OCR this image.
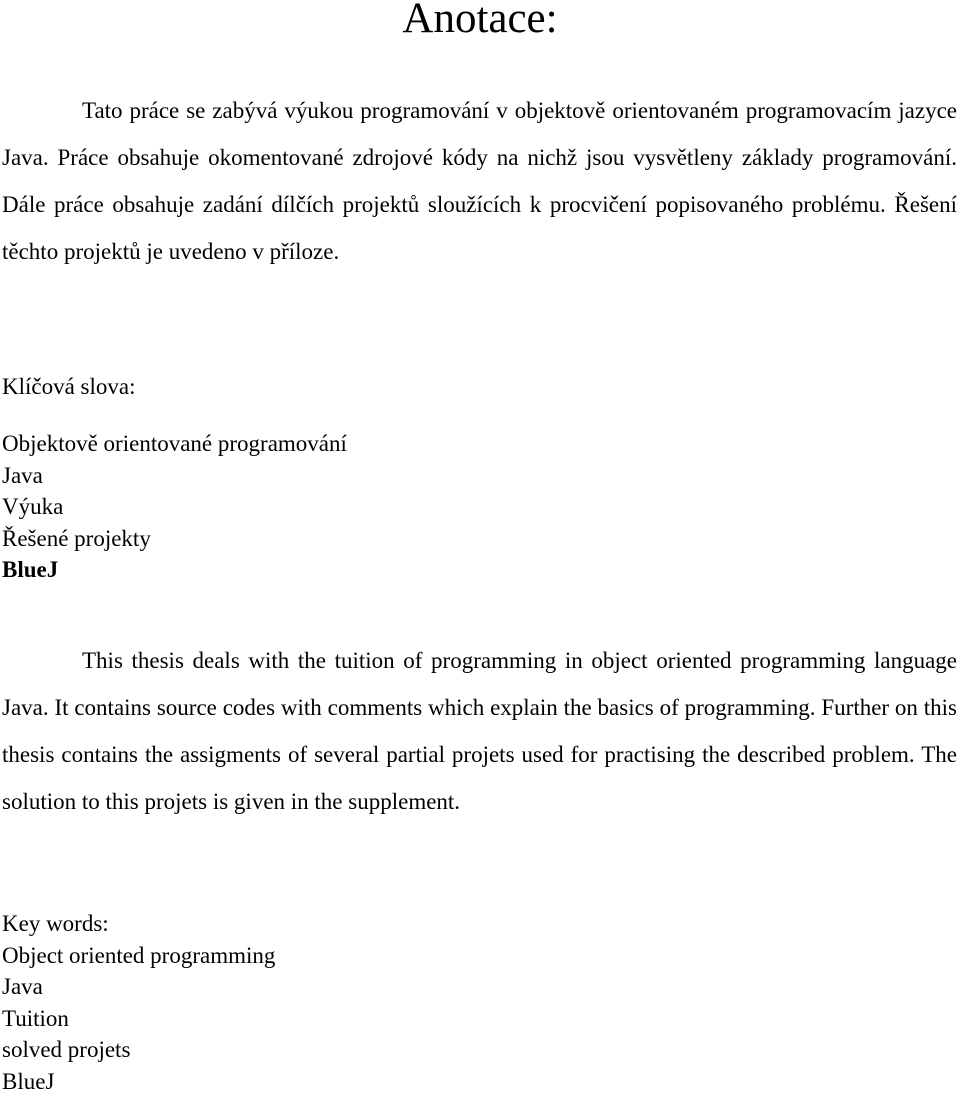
Anotace:
Tato práce se zabývá výukou programování v objektově orientovaném programovacím jazyce Java. Práce obsahuje okomentované zdrojové kódy na nichž jsou vysvětleny základy programování. Dále práce obsahuje zadání dílčích projektů sloužících k procvičení popisovaného problému. Řešení těchto projektů je uvedeno v příloze.
Klíčová slova:
Objektově orientované programování
Java
Výuka
Řešené projekty
BlueJ
This thesis deals with the tuition of programming in object oriented programming language Java. It contains source codes with comments which explain the basics of programming. Further on this thesis contains the assigments of several partial projets used for practising the described problem. The solution to this projets is given in the supplement.
Key words:
Object oriented programming
Java
Tuition
solved projets
BlueJ
